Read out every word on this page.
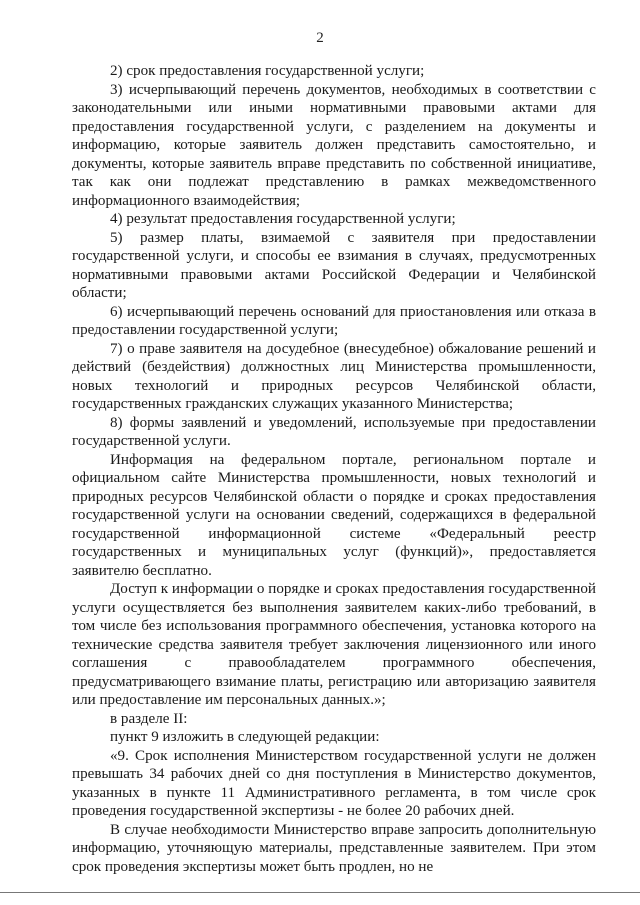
2

2) срок предоставления государственной услуги;

3) исчерпывающий перечень документов, необходимых в соответствии с законодательными или иными нормативными правовыми актами для предоставления государственной услуги, с разделением на документы и информацию, которые заявитель должен представить самостоятельно, и документы, которые заявитель вправе представить по собственной инициативе, так как они подлежат представлению в рамках межведомственного информационного взаимодействия;

4) результат предоставления государственной услуги;

5) размер платы, взимаемой с заявителя при предоставлении государственной услуги, и способы ее взимания в случаях, предусмотренных нормативными правовыми актами Российской Федерации и Челябинской области;

6) исчерпывающий перечень оснований для приостановления или отказа в предоставлении государственной услуги;

7) о праве заявителя на досудебное (внесудебное) обжалование решений и действий (бездействия) должностных лиц Министерства промышленности, новых технологий и природных ресурсов Челябинской области, государственных гражданских служащих указанного Министерства;

8) формы заявлений и уведомлений, используемые при предоставлении государственной услуги.

Информация на федеральном портале, региональном портале и официальном сайте Министерства промышленности, новых технологий и природных ресурсов Челябинской области о порядке и сроках предоставления государственной услуги на основании сведений, содержащихся в федеральной государственной информационной системе «Федеральный реестр государственных и муниципальных услуг (функций)», предоставляется заявителю бесплатно.

Доступ к информации о порядке и сроках предоставления государственной услуги осуществляется без выполнения заявителем каких-либо требований, в том числе без использования программного обеспечения, установка которого на технические средства заявителя требует заключения лицензионного или иного соглашения с правообладателем программного обеспечения, предусматривающего взимание платы, регистрацию или авторизацию заявителя или предоставление им персональных данных.»;

в разделе II:

пункт 9 изложить в следующей редакции:

«9. Срок исполнения Министерством государственной услуги не должен превышать 34 рабочих дней со дня поступления в Министерство документов, указанных в пункте 11 Административного регламента, в том числе срок проведения государственной экспертизы - не более 20 рабочих дней.

В случае необходимости Министерство вправе запросить дополнительную информацию, уточняющую материалы, представленные заявителем. При этом срок проведения экспертизы может быть продлен, но не
